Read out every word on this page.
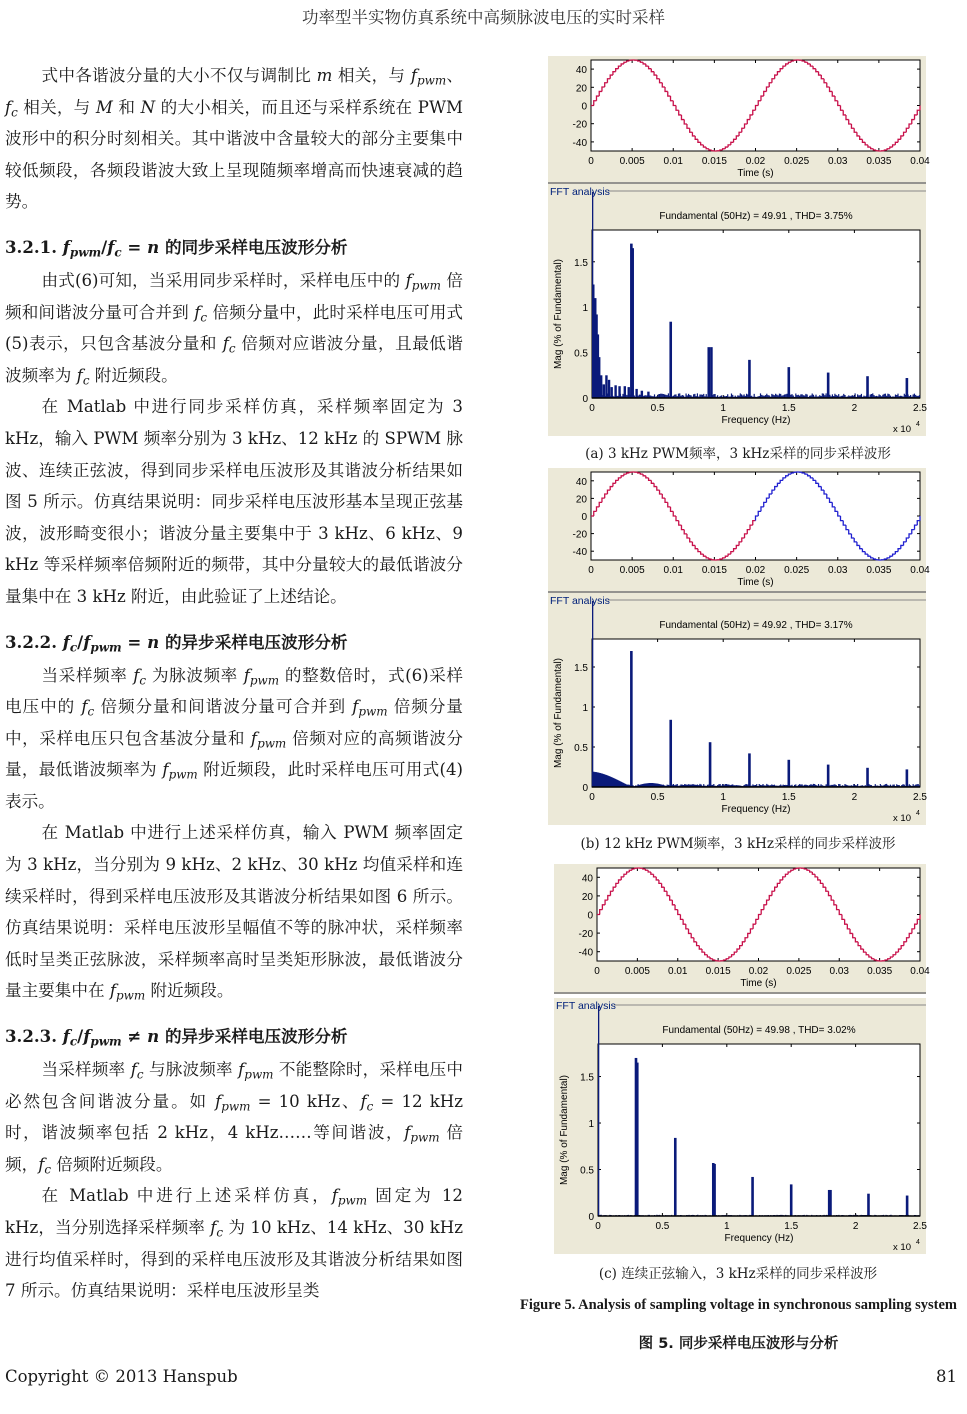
功率型半实物仿真系统中高频脉波电压的实时采样

式中各谐波分量的大小不仅与调制比 m 相关，与 $f_{pwm}$、$f_c$ 相关，与 M 和 N 的大小相关，而且还与采样系统在 PWM 波形中的积分时刻相关。其中谐波中含量较大的部分主要集中较低频段，各频段谐波大致上呈现随频率增高而快速衰减的趋势。

3.2.1. $f_{pwm}/f_c = n$ 的同步采样电压波形分析

由式(6)可知，当采用同步采样时，采样电压中的 $f_{pwm}$ 倍频和间谐波分量可合并到 $f_c$ 倍频分量中，此时采样电压可用式(5)表示，只包含基波分量和 $f_c$ 倍频对应谐波分量，且最低谐波频率为 $f_c$ 附近频段。

在 Matlab 中进行同步采样仿真，采样频率固定为 3 kHz，输入 PWM 频率分别为 3 kHz、12 kHz 的 SPWM 脉波、连续正弦波，得到同步采样电压波形及其谐波分析结果如图 5 所示。仿真结果说明：同步采样电压波形基本呈现正弦基波，波形畸变很小；谐波分量主要集中于 3 kHz、6 kHz、9 kHz 等采样频率倍频附近的频带，其中分量较大的最低谐波分量集中在 3 kHz 附近，由此验证了上述结论。

3.2.2. $f_c/f_{pwm} = n$ 的异步采样电压波形分析

当采样频率 $f_c$ 为脉波频率 $f_{pwm}$ 的整数倍时，式(6)采样电压中的 $f_c$ 倍频分量和间谐波分量可合并到 $f_{pwm}$ 倍频分量中，采样电压只包含基波分量和 $f_{pwm}$ 倍频对应的高频谐波分量，最低谐波频率为 $f_{pwm}$ 附近频段，此时采样电压可用式(4)表示。

在 Matlab 中进行上述采样仿真，输入 PWM 频率固定为 3 kHz，当分别为 9 kHz、2 kHz、30 kHz 均值采样和连续采样时，得到采样电压波形及其谐波分析结果如图 6 所示。仿真结果说明：采样电压波形呈幅值不等的脉冲状，采样频率低时呈类正弦脉波，采样频率高时呈类矩形脉波，最低谐波分量主要集中在 $f_{pwm}$ 附近频段。

3.2.3. $f_c/f_{pwm} \ne n$ 的异步采样电压波形分析

当采样频率 $f_c$ 与脉波频率 $f_{pwm}$ 不能整除时，采样电压中必然包含间谐波分量。如 $f_{pwm} = 10$ kHz、$f_c = 12$ kHz 时，谐波频率包括 2 kHz，4 kHz……等间谐波，$f_{pwm}$ 倍频，$f_c$ 倍频附近频段。

在 Matlab 中进行上述采样仿真，$f_{pwm}$ 固定为 12 kHz，当分别选择采样频率 $f_c$ 为 10 kHz、14 kHz、30 kHz 进行均值采样时，得到的采样电压波形及其谐波分析结果如图 7 所示。仿真结果说明：采样电压波形呈类

0	0.005 0.01 0.015 0.02 0.025 0.03 0.035 0.04
40
20
0
-20
-40
Time (s)
FFT analysis
Fundamental (50Hz) = 49.91 , THD= 3.75%
0	0.5	1	1.5	2	2.5
0
0.5
1
1.5
Frequency (Hz)
x 10 4
Mag (% of Fundamental)
(a) 3 kHz PWM频率，3 kHz采样的同步采样波形
0	0.005 0.01 0.015 0.02 0.025 0.03 0.035 0.04
40
20
0
-20
-40
Time (s)
FFT analysis
Fundamental (50Hz) = 49.92 , THD= 3.17%
0	0.5	1	1.5	2	2.5
0
0.5
1
1.5
Frequency (Hz)
x 10 4
Mag (% of Fundamental)
(b) 12 kHz PWM频率，3 kHz采样的同步采样波形
0	0.005 0.01 0.015 0.02 0.025 0.03 0.035 0.04
40
20
0
-20
-40
Time (s)
FFT analysis
Fundamental (50Hz) = 49.98 , THD= 3.02%
0	0.5	1	1.5	2	2.5
0
0.5
1
1.5
Frequency (Hz)
x 10 4
Mag (% of Fundamental)
(c) 连续正弦输入，3 kHz采样的同步采样波形
Figure 5. Analysis of sampling voltage in synchronous sampling system
图 5. 同步采样电压波形与分析
Copyright © 2013 Hanspub	81
